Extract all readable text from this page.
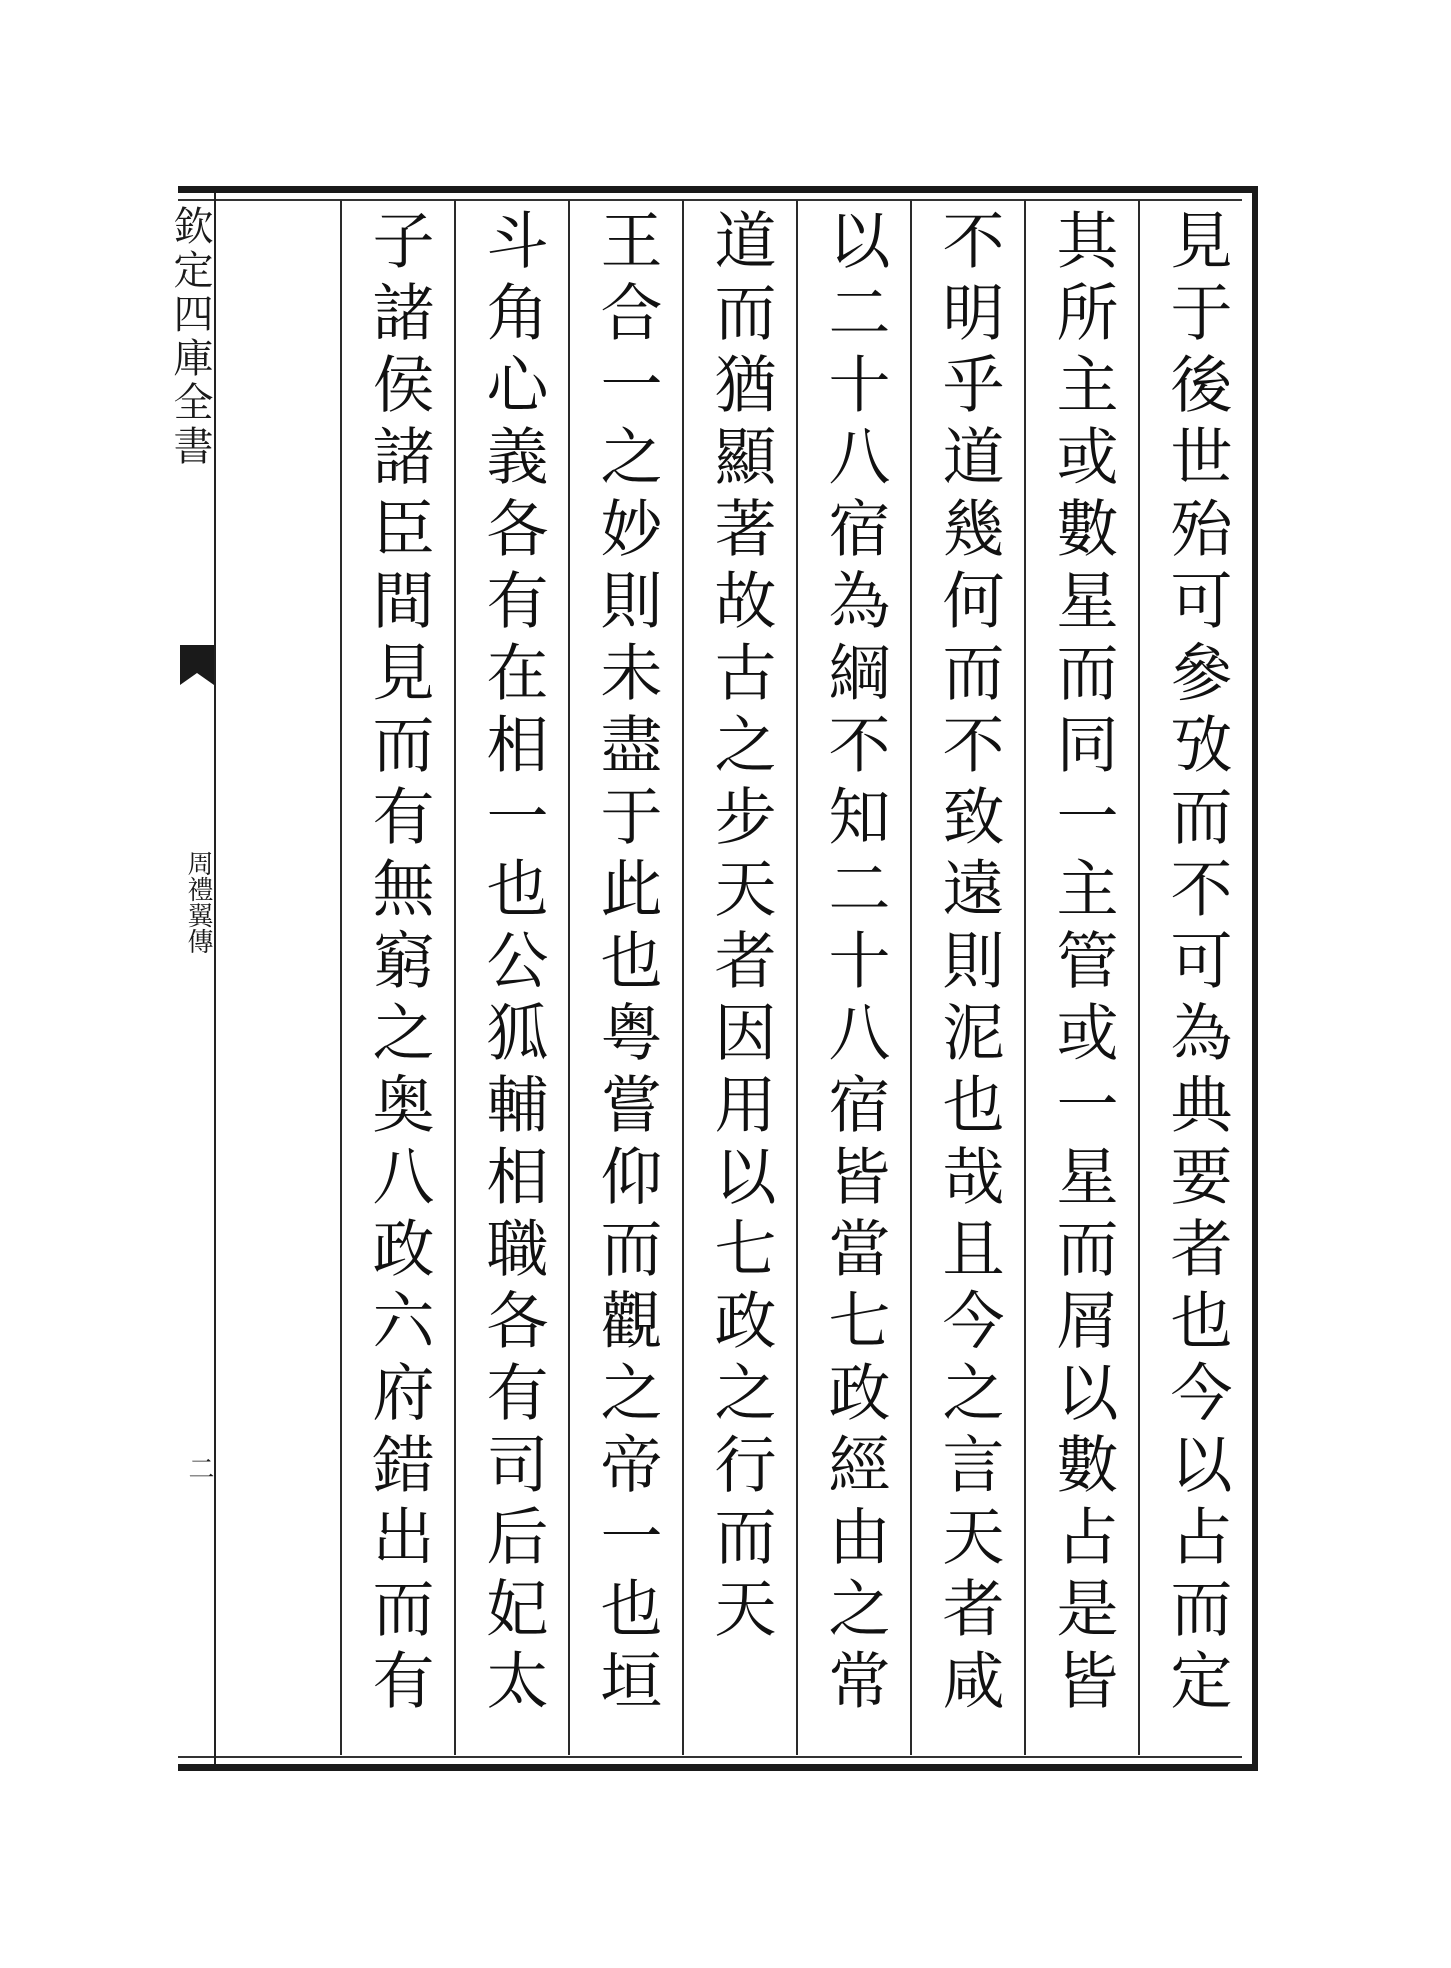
欽定四庫全書
周禮翼傳
二	見于後世殆可參攷而不可為典要者也今以占而定
其所主或數星而同一主管或一星而屑以數占是皆
不明乎道幾何而不致遠則泥也哉且今之言天者咸
以二十八宿為綱不知二十八宿皆當七政經由之常
道而猶顯著故古之步天者因用以七政之行而天
王合一之妙則未盡于此也粤嘗仰而觀之帝一也垣
斗角心義各有在相一也公狐輔相職各有司后妃太
子諸侯諸臣間見而有無窮之奥八政六府錯出而有
